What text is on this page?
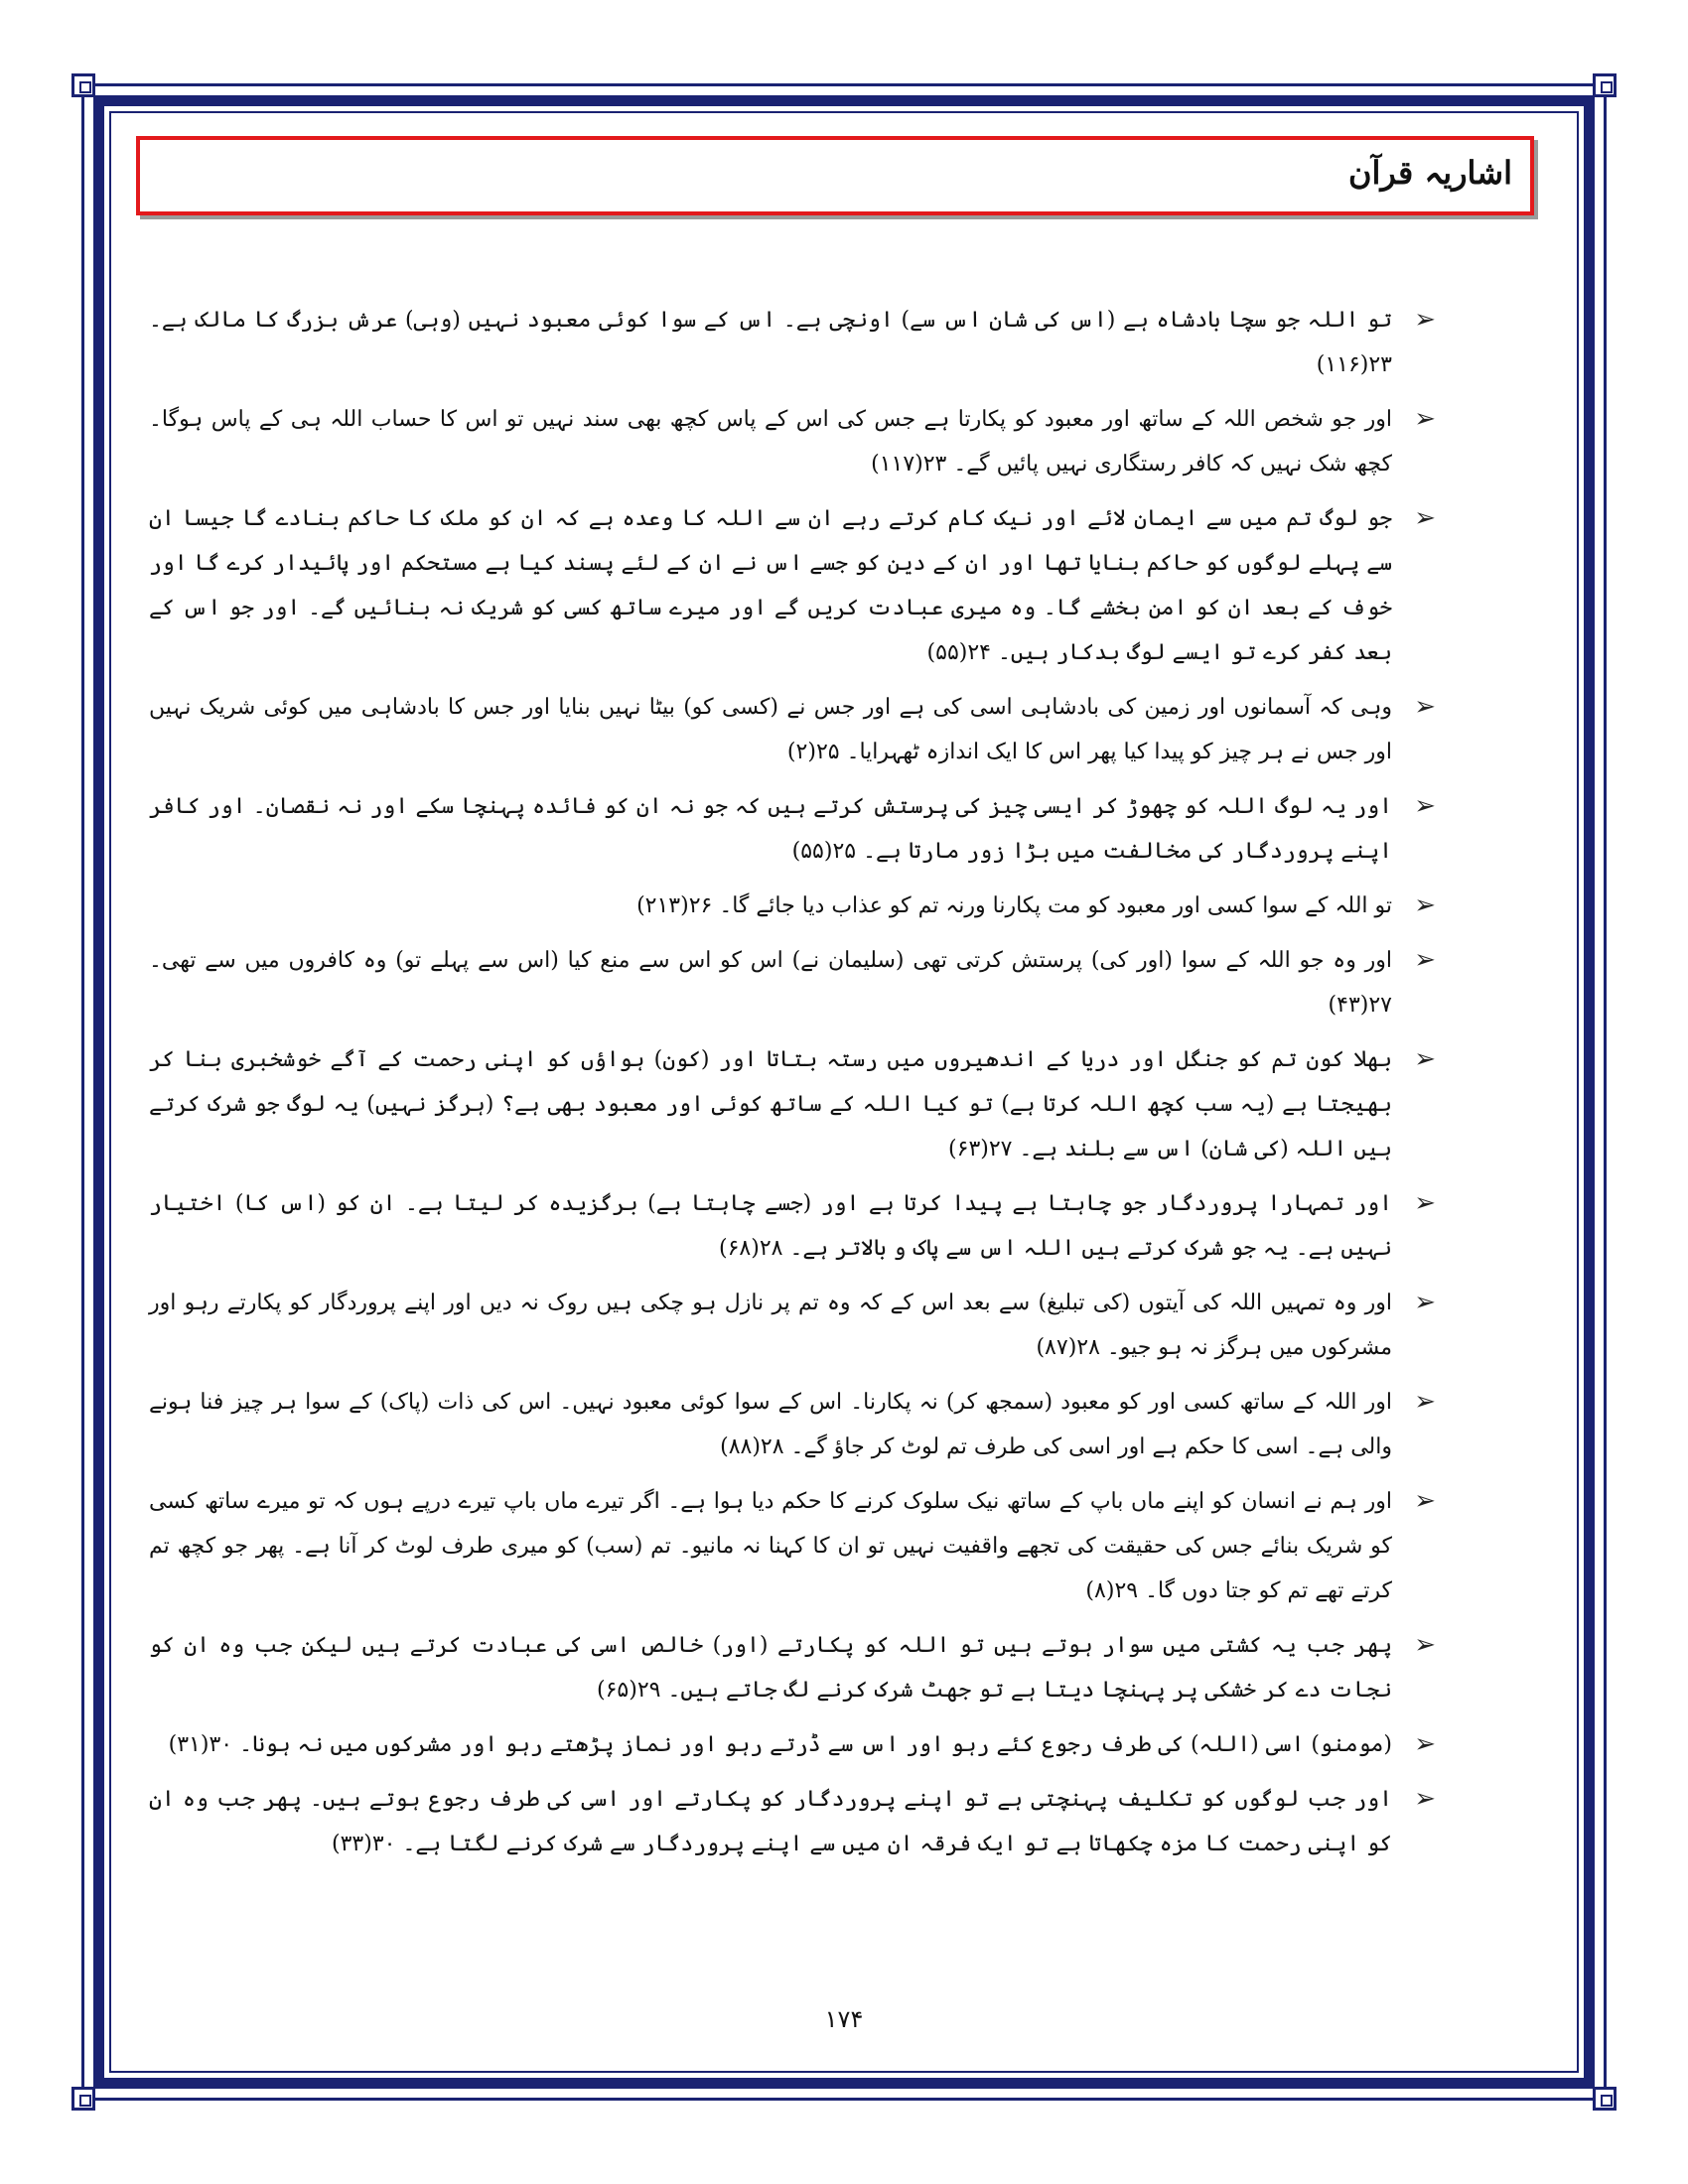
اشاریہ قرآن
➢
تو اللہ جو سچا بادشاہ ہے (اس کی شان اس سے) اونچی ہے۔ اس کے سوا کوئی معبود نہیں (وہی) عرش بزرگ کا مالک ہے۔ ۲۳(۱۱۶)
➢
اور جو شخص اللہ کے ساتھ اور معبود کو پکارتا ہے جس کی اس کے پاس کچھ بھی سند نہیں تو اس کا حساب اللہ ہی کے پاس ہوگا۔ کچھ شک نہیں کہ کافر رستگاری نہیں پائیں گے۔ ۲۳(۱۱۷)
➢
جو لوگ تم میں سے ایمان لائے اور نیک کام کرتے رہے ان سے اللہ کا وعدہ ہے کہ ان کو ملک کا حاکم بنادے گا جیسا ان سے پہلے لوگوں کو حاکم بنایا تھا اور ان کے دین کو جسے اس نے ان کے لئے پسند کیا ہے مستحکم اور پائیدار کرے گا اور خوف کے بعد ان کو امن بخشے گا۔ وہ میری عبادت کریں گے اور میرے ساتھ کسی کو شریک نہ بنائیں گے۔ اور جو اس کے بعد کفر کرے تو ایسے لوگ بدکار ہیں۔ ۲۴(۵۵)
➢
وہی کہ آسمانوں اور زمین کی بادشاہی اسی کی ہے اور جس نے (کسی کو) بیٹا نہیں بنایا اور جس کا بادشاہی میں کوئی شریک نہیں اور جس نے ہر چیز کو پیدا کیا پھر اس کا ایک اندازہ ٹھہرایا۔ ۲۵(۲)
➢
اور یہ لوگ اللہ کو چھوڑ کر ایسی چیز کی پرستش کرتے ہیں کہ جو نہ ان کو فائدہ پہنچا سکے اور نہ نقصان۔ اور کافر اپنے پروردگار کی مخالفت میں بڑا زور مارتا ہے۔ ۲۵(۵۵)
➢
تو اللہ کے سوا کسی اور معبود کو مت پکارنا ورنہ تم کو عذاب دیا جائے گا۔ ۲۶(۲۱۳)
➢
اور وہ جو اللہ کے سوا (اور کی) پرستش کرتی تھی (سلیمان نے) اس کو اس سے منع کیا (اس سے پہلے تو) وہ کافروں میں سے تھی۔ ۲۷(۴۳)
➢
بھلا کون تم کو جنگل اور دریا کے اندھیروں میں رستہ بتاتا اور (کون) ہواؤں کو اپنی رحمت کے آگے خوشخبری بنا کر بھیجتا ہے (یہ سب کچھ اللہ کرتا ہے) تو کیا اللہ کے ساتھ کوئی اور معبود بھی ہے؟ (ہرگز نہیں) یہ لوگ جو شرک کرتے ہیں اللہ (کی شان) اس سے بلند ہے۔ ۲۷(۶۳)
➢
اور تمہارا پروردگار جو چاہتا ہے پیدا کرتا ہے اور (جسے چاہتا ہے) برگزیدہ کر لیتا ہے۔ ان کو (اس کا) اختیار نہیں ہے۔ یہ جو شرک کرتے ہیں اللہ اس سے پاک و بالاتر ہے۔ ۲۸(۶۸)
➢
اور وہ تمہیں اللہ کی آیتوں (کی تبلیغ) سے بعد اس کے کہ وہ تم پر نازل ہو چکی ہیں روک نہ دیں اور اپنے پروردگار کو پکارتے رہو اور مشرکوں میں ہرگز نہ ہو جیو۔ ۲۸(۸۷)
➢
اور اللہ کے ساتھ کسی اور کو معبود (سمجھ کر) نہ پکارنا۔ اس کے سوا کوئی معبود نہیں۔ اس کی ذات (پاک) کے سوا ہر چیز فنا ہونے والی ہے۔ اسی کا حکم ہے اور اسی کی طرف تم لوٹ کر جاؤ گے۔ ۲۸(۸۸)
➢
اور ہم نے انسان کو اپنے ماں باپ کے ساتھ نیک سلوک کرنے کا حکم دیا ہوا ہے۔ اگر تیرے ماں باپ تیرے درپے ہوں کہ تو میرے ساتھ کسی کو شریک بنائے جس کی حقیقت کی تجھے واقفیت نہیں تو ان کا کہنا نہ مانیو۔ تم (سب) کو میری طرف لوٹ کر آنا ہے۔ پھر جو کچھ تم کرتے تھے تم کو جتا دوں گا۔ ۲۹(۸)
➢
پھر جب یہ کشتی میں سوار ہوتے ہیں تو اللہ کو پکارتے (اور) خالص اسی کی عبادت کرتے ہیں لیکن جب وہ ان کو نجات دے کر خشکی پر پہنچا دیتا ہے تو جھٹ شرک کرنے لگ جاتے ہیں۔ ۲۹(۶۵)
➢
(مومنو) اسی (اللہ) کی طرف رجوع کئے رہو اور اس سے ڈرتے رہو اور نماز پڑھتے رہو اور مشرکوں میں نہ ہونا۔ ۳۰(۳۱)
➢
اور جب لوگوں کو تکلیف پہنچتی ہے تو اپنے پروردگار کو پکارتے اور اسی کی طرف رجوع ہوتے ہیں۔ پھر جب وہ ان کو اپنی رحمت کا مزہ چکھاتا ہے تو ایک فرقہ ان میں سے اپنے پروردگار سے شرک کرنے لگتا ہے۔ ۳۰(۳۳)
۱۷۴
